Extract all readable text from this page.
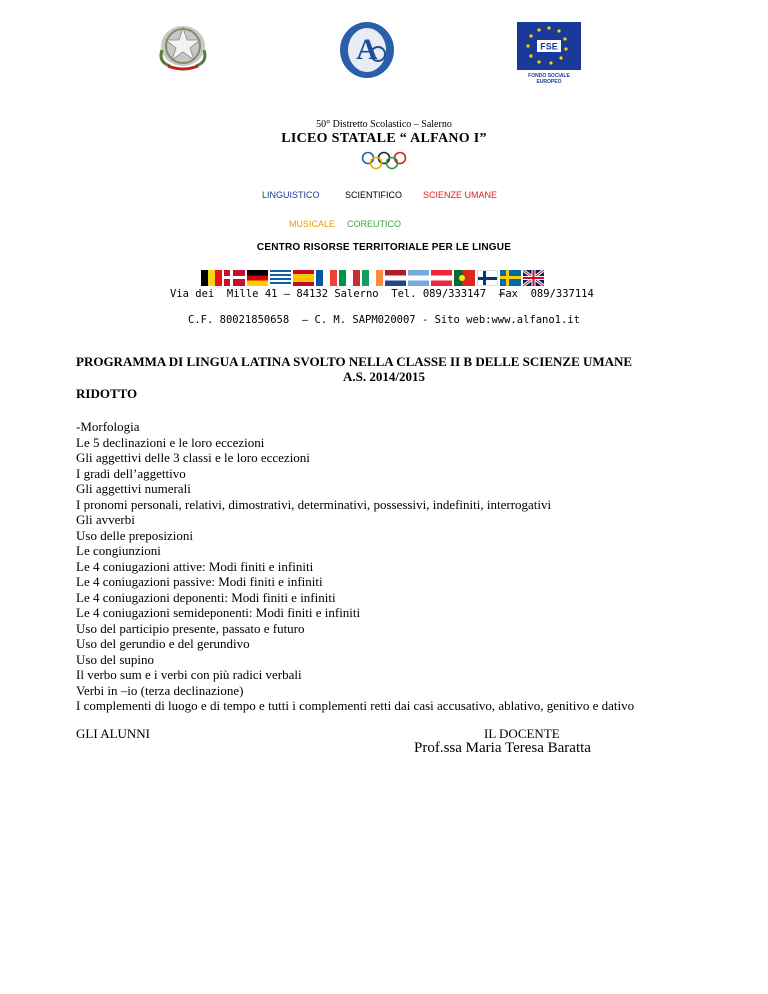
A	FSE
FONDO SOCIALE
EUROPEO
50° Distretto Scolastico – Salerno
LICEO STATALE “ ALFANO I”
LINGUISTICO	SCIENTIFICO SCIENZE UMANE
MUSICALE COREUTICO
CENTRO RISORSE TERRITORIALE PER LE LINGUE
Via dei  Mille 41 – 84132 Salerno  Tel. 089/333147  –
Fax  089/337114
C.F. 80021850658  – C. M. SAPM020007 - Sito web:www.alfano1.it
PROGRAMMA DI LINGUA LATINA SVOLTO NELLA CLASSE II B DELLE SCIENZE UMANE
A.S. 2014/2015
RIDOTTO
-Morfologia
Le 5 declinazioni e le loro eccezioni
Gli aggettivi delle 3 classi e le loro eccezioni
I gradi dell’aggettivo
Gli aggettivi numerali
I pronomi personali, relativi, dimostrativi, determinativi, possessivi, indefiniti, interrogativi
Gli avverbi
Uso delle preposizioni
Le congiunzioni
Le 4 coniugazioni attive: Modi finiti e infiniti
Le 4 coniugazioni passive: Modi finiti e infiniti
Le 4 coniugazioni deponenti: Modi finiti e infiniti
Le 4 coniugazioni semideponenti: Modi finiti e infiniti
Uso del participio presente, passato e futuro
Uso del gerundio e del gerundivo
Uso del supino
Il verbo sum e i verbi con più radici verbali
Verbi in –io (terza declinazione)
I complementi di luogo e di tempo e tutti i complementi retti dai casi accusativo, ablativo, genitivo e dativo
GLI ALUNNI	IL DOCENTE
Prof.ssa Maria Teresa Baratta
